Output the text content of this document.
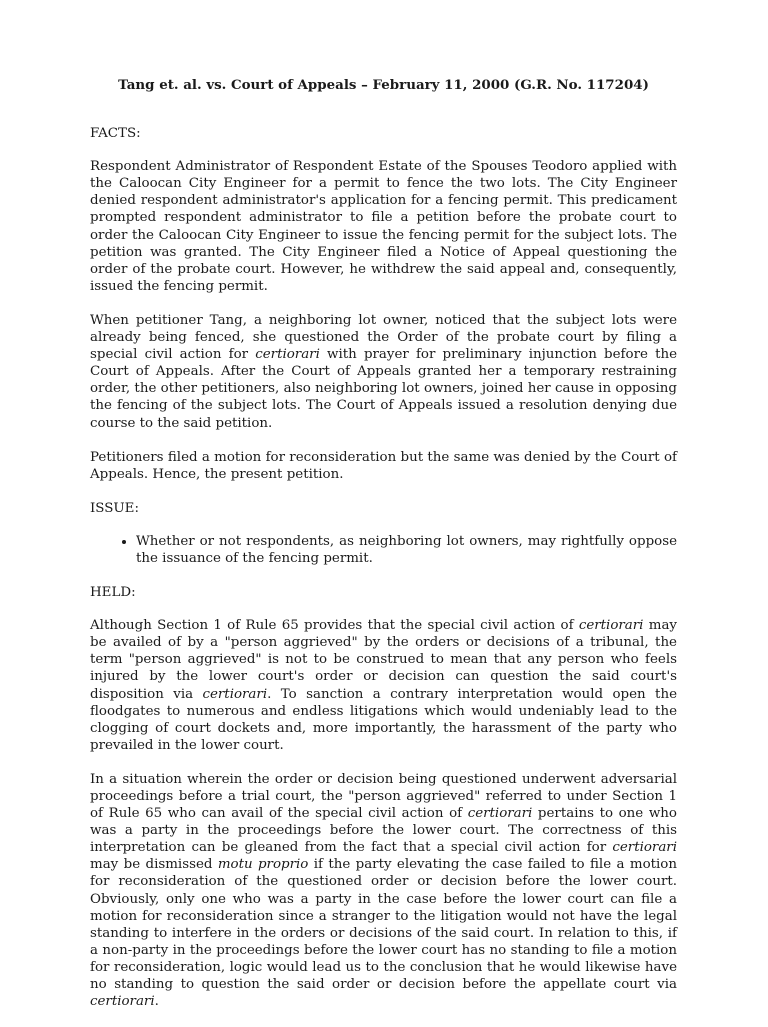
Tang et. al. vs. Court of Appeals – February 11, 2000 (G.R. No. 117204)
FACTS:

Respondent Administrator of Respondent Estate of the Spouses Teodoro applied with the Caloocan City Engineer for a permit to fence the two lots. The City Engineer denied respondent administrator's application for a fencing permit. This predicament prompted respondent administrator to file a petition before the probate court to order the Caloocan City Engineer to issue the fencing permit for the subject lots. The petition was granted. The City Engineer filed a Notice of Appeal questioning the order of the probate court. However, he withdrew the said appeal and, consequently, issued the fencing permit.

When petitioner Tang, a neighboring lot owner, noticed that the subject lots were already being fenced, she questioned the Order of the probate court by filing a special civil action for certiorari with prayer for preliminary injunction before the Court of Appeals. After the Court of Appeals granted her a temporary restraining order, the other petitioners, also neighboring lot owners, joined her cause in opposing the fencing of the subject lots. The Court of Appeals issued a resolution denying due course to the said petition.

Petitioners filed a motion for reconsideration but the same was denied by the Court of Appeals. Hence, the present petition.

ISSUE:
• Whether or not respondents, as neighboring lot owners, may rightfully oppose the issuance of the fencing permit.
HELD:

Although Section 1 of Rule 65 provides that the special civil action of certiorari may be availed of by a "person aggrieved" by the orders or decisions of a tribunal, the term "person aggrieved" is not to be construed to mean that any person who feels injured by the lower court's order or decision can question the said court's disposition via certiorari. To sanction a contrary interpretation would open the floodgates to numerous and endless litigations which would undeniably lead to the clogging of court dockets and, more importantly, the harassment of the party who prevailed in the lower court.

In a situation wherein the order or decision being questioned underwent adversarial proceedings before a trial court, the "person aggrieved" referred to under Section 1 of Rule 65 who can avail of the special civil action of certiorari pertains to one who was a party in the proceedings before the lower court. The correctness of this interpretation can be gleaned from the fact that a special civil action for certiorari may be dismissed motu proprio if the party elevating the case failed to file a motion for reconsideration of the questioned order or decision before the lower court. Obviously, only one who was a party in the case before the lower court can file a motion for reconsideration since a stranger to the litigation would not have the legal standing to interfere in the orders or decisions of the said court. In relation to this, if a non-party in the proceedings before the lower court has no standing to file a motion for reconsideration, logic would lead us to the conclusion that he would likewise have no standing to question the said order or decision before the appellate court via certiorari.
